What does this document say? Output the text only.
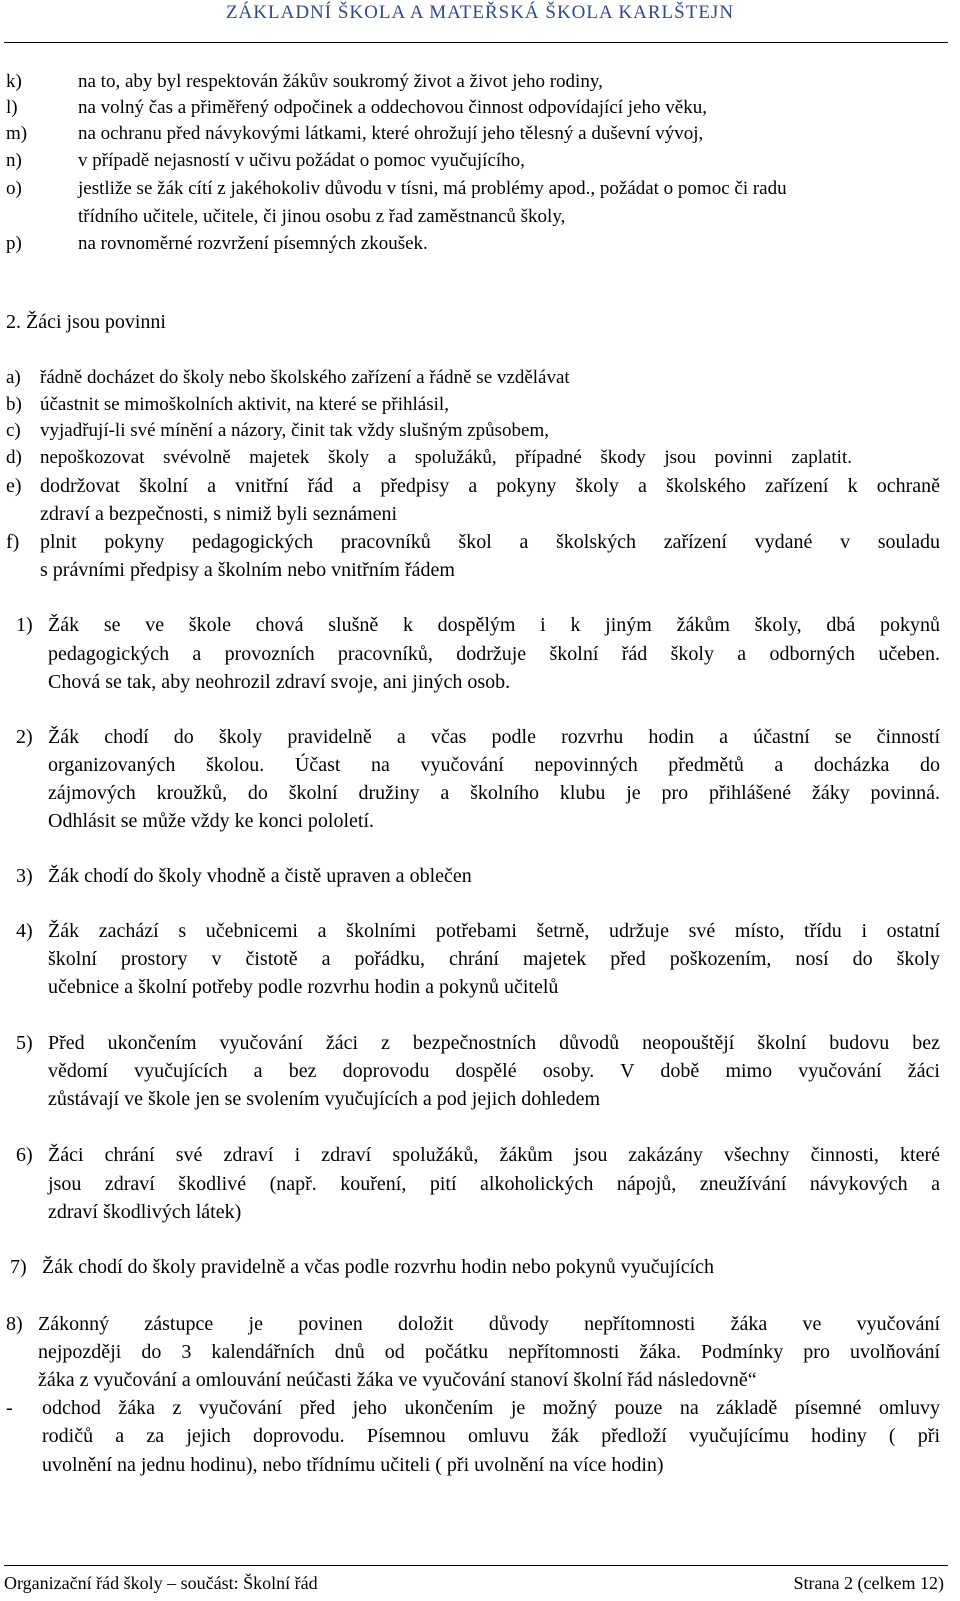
ZÁKLADNÍ ŠKOLA A MATEŘSKÁ ŠKOLA KARLŠTEJN
k)	na to, aby byl respektován žákův soukromý život a život jeho rodiny,
l)	na volný čas a přiměřený odpočinek a oddechovou činnost odpovídající jeho věku,
m)	na ochranu před návykovými látkami, které ohrožují jeho tělesný a duševní vývoj,
n)	v případě nejasností v učivu požádat o pomoc vyučujícího,
o)	jestliže se žák cítí z jakéhokoliv důvodu v tísni, má problémy apod., požádat o pomoc či radu
třídního učitele, učitele, či jinou osobu z řad zaměstnanců školy,
p)	na rovnoměrné rozvržení písemných zkoušek.
2. Žáci jsou povinni
a) řádně docházet do školy nebo školského zařízení a řádně se vzdělávat
b) účastnit se mimoškolních aktivit, na které se přihlásil,
c) vyjadřují-li své mínění a názory, činit tak vždy slušným způsobem,
d) nepoškozovat svévolně majetek školy a spolužáků, případné škody jsou povinni zaplatit.
e) dodržovat školní a vnitřní řád a předpisy a pokyny školy a školského zařízení k ochraně
zdraví a bezpečnosti, s nimiž byli seznámeni
f) plnit pokyny pedagogických pracovníků škol a školských zařízení vydané v souladu
s právními předpisy a školním nebo vnitřním řádem
1) Žák se ve škole chová slušně k dospělým i k jiným žákům školy, dbá pokynů
pedagogických a provozních pracovníků, dodržuje školní řád školy a odborných učeben.
Chová se tak, aby neohrozil zdraví svoje, ani jiných osob.
2) Žák chodí do školy pravidelně a včas podle rozvrhu hodin a účastní se činností
organizovaných školou. Účast na vyučování nepovinných předmětů a docházka do
zájmových kroužků, do školní družiny a školního klubu je pro přihlášené žáky povinná.
Odhlásit se může vždy ke konci pololetí.
3) Žák chodí do školy vhodně a čistě upraven a oblečen
4) Žák zachází s učebnicemi a školními potřebami šetrně, udržuje své místo, třídu i ostatní
školní prostory v čistotě a pořádku, chrání majetek před poškozením, nosí do školy
učebnice a školní potřeby podle rozvrhu hodin a pokynů učitelů
5) Před ukončením vyučování žáci z bezpečnostních důvodů neopouštějí školní budovu bez
vědomí vyučujících a bez doprovodu dospělé osoby. V době mimo vyučování žáci
zůstávají ve škole jen se svolením vyučujících a pod jejich dohledem
6) Žáci chrání své zdraví i zdraví spolužáků, žákům jsou zakázány všechny činnosti, které
jsou zdraví škodlivé (např. kouření, pití alkoholických nápojů, zneužívání návykových a
zdraví škodlivých látek)
7) Žák chodí do školy pravidelně a včas podle rozvrhu hodin nebo pokynů vyučujících
8) Zákonný zástupce je povinen doložit důvody nepřítomnosti žáka ve vyučování
nejpozději do 3 kalendářních dnů od počátku nepřítomnosti žáka. Podmínky pro uvolňování
žáka z vyučování a omlouvání neúčasti žáka ve vyučování stanoví školní řád následovně“
- odchod žáka z vyučování před jeho ukončením je možný pouze na základě písemné omluvy
rodičů a za jejich doprovodu. Písemnou omluvu žák předloží vyučujícímu hodiny ( při
uvolnění na jednu hodinu), nebo třídnímu učiteli ( při uvolnění na více hodin)
Organizační řád školy – součást: Školní řád	Strana 2 (celkem 12)
